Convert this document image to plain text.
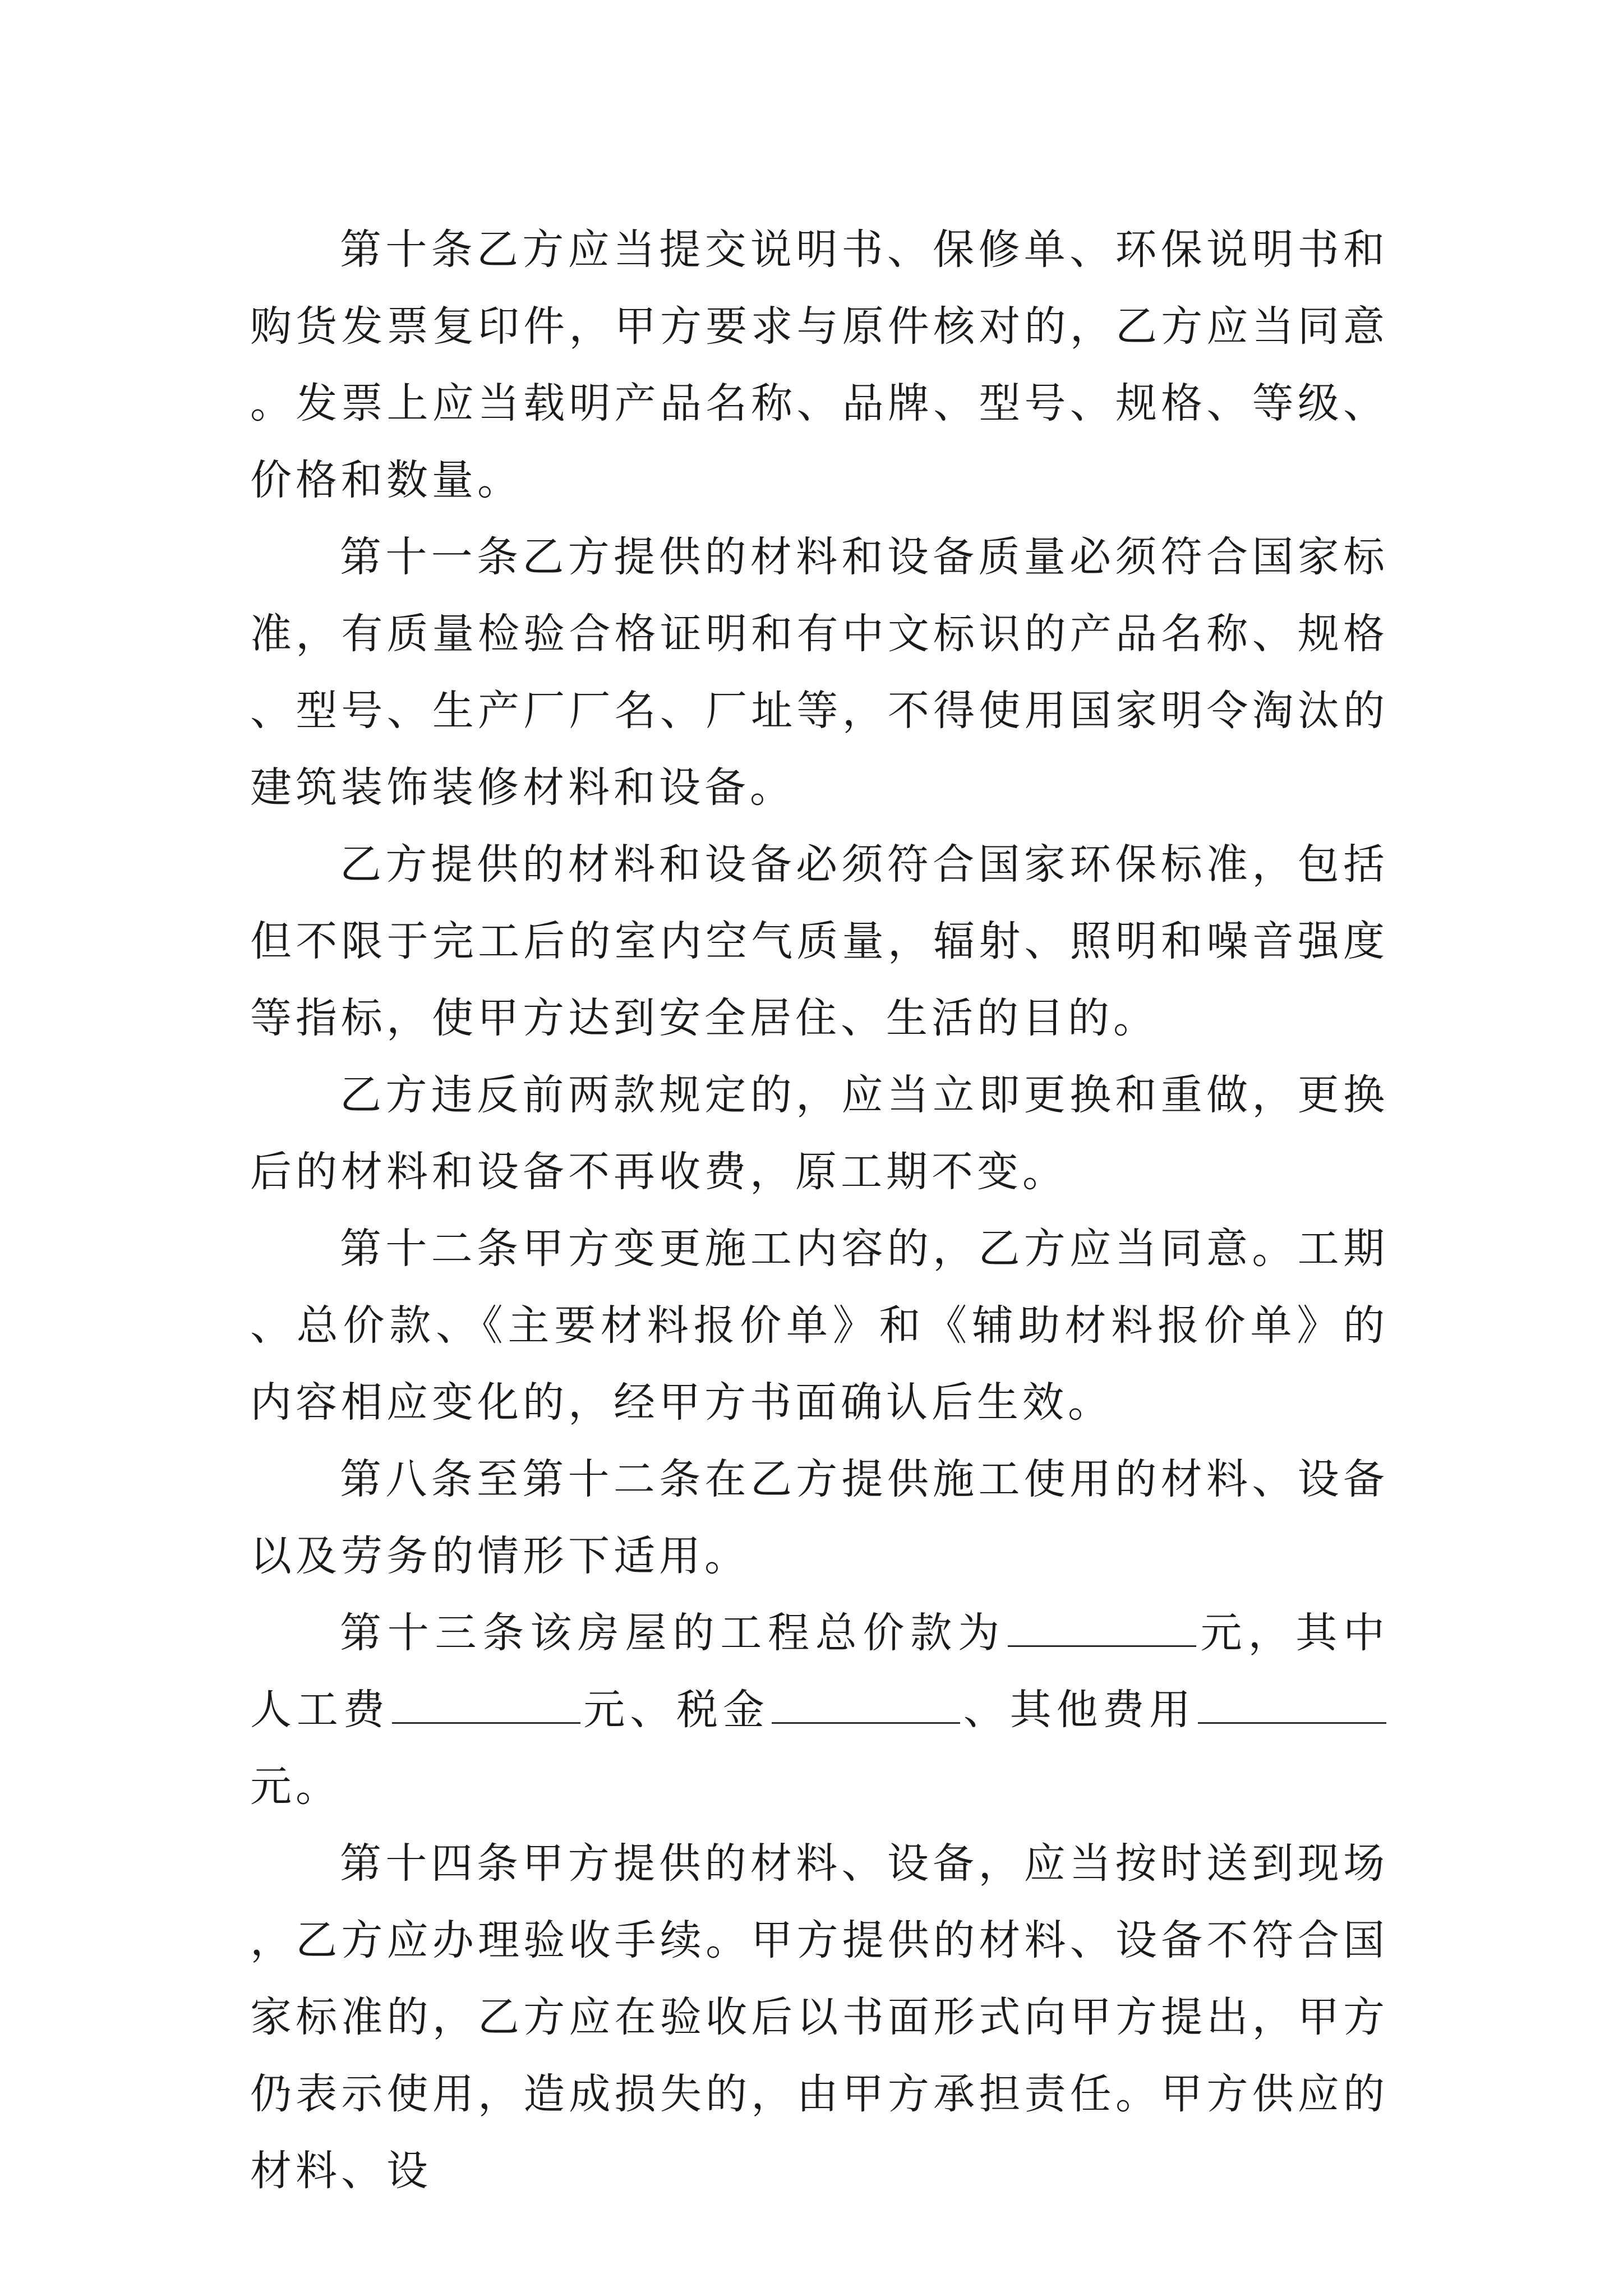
第十条乙方应当提交说明书、保修单、环保说明书和购货发票复印件，甲方要求与原件核对的，乙方应当同意。发票上应当载明产品名称、品牌、型号、规格、等级、价格和数量。

第十一条乙方提供的材料和设备质量必须符合国家标准，有质量检验合格证明和有中文标识的产品名称、规格、型号、生产厂厂名、厂址等，不得使用国家明令淘汰的建筑装饰装修材料和设备。

乙方提供的材料和设备必须符合国家环保标准，包括但不限于完工后的室内空气质量，辐射、照明和噪音强度等指标，使甲方达到安全居住、生活的目的。

乙方违反前两款规定的，应当立即更换和重做，更换后的材料和设备不再收费，原工期不变。

第十二条甲方变更施工内容的，乙方应当同意。工期、总价款、《主要材料报价单》和《辅助材料报价单》的内容相应变化的，经甲方书面确认后生效。

第八条至第十二条在乙方提供施工使用的材料、设备以及劳务的情形下适用。

第十三条该房屋的工程总价款为	元，其中人工费	元、税金	、其他费用元。

第十四条甲方提供的材料、设备，应当按时送到现场，乙方应办理验收手续。甲方提供的材料、设备不符合国家标准的，乙方应在验收后以书面形式向甲方提出，甲方仍表示使用，造成损失的，由甲方承担责任。甲方供应的材料、设
